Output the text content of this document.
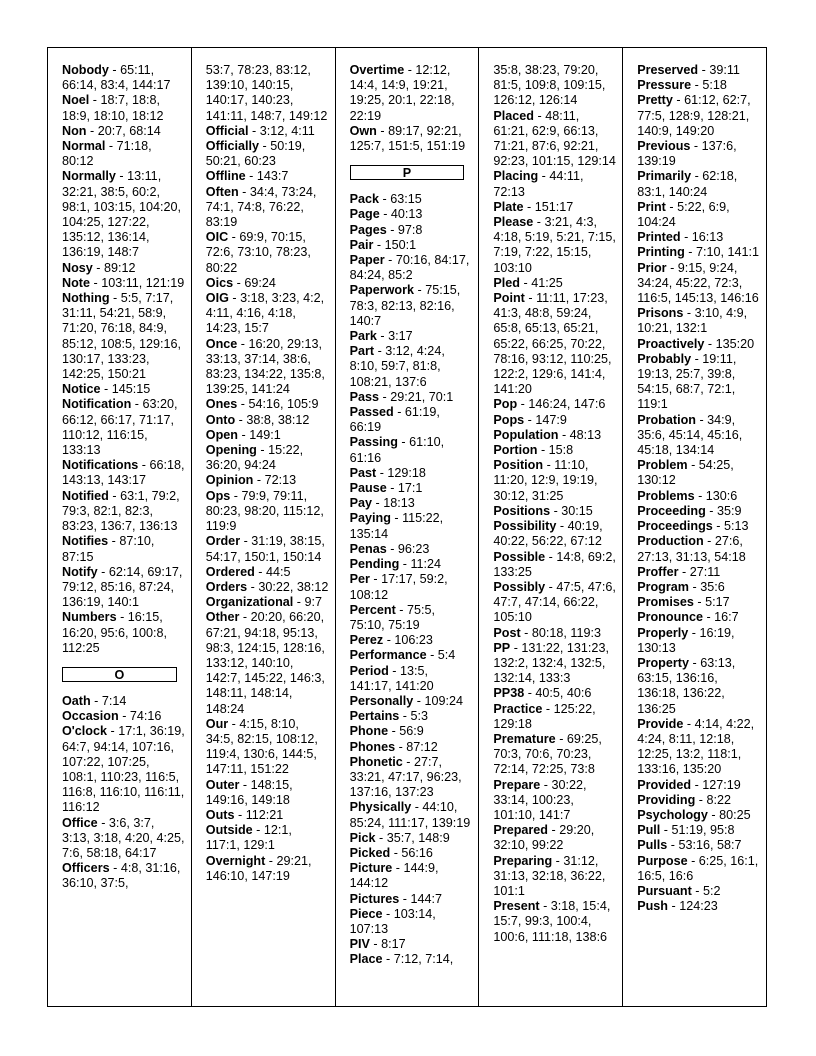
Nobody - 65:11, 66:14, 83:4, 144:17
Noel - 18:7, 18:8, 18:9, 18:10, 18:12
Non - 20:7, 68:14
Normal - 71:18, 80:12
Normally - 13:11, 32:21, 38:5, 60:2, 98:1, 103:15, 104:20, 104:25, 127:22, 135:12, 136:14, 136:19, 148:7
Nosy - 89:12
Note - 103:11, 121:19
Nothing - 5:5, 7:17, 31:11, 54:21, 58:9, 71:20, 76:18, 84:9, 85:12, 108:5, 129:16, 130:17, 133:23, 142:25, 150:21
Notice - 145:15
Notification - 63:20, 66:12, 66:17, 71:17, 110:12, 116:15, 133:13
Notifications - 66:18, 143:13, 143:17
Notified - 63:1, 79:2, 79:3, 82:1, 82:3, 83:23, 136:7, 136:13
Notifies - 87:10, 87:15
Notify - 62:14, 69:17, 79:12, 85:16, 87:24, 136:19, 140:1
Numbers - 16:15, 16:20, 95:6, 100:8, 112:25
O
Oath - 7:14
Occasion - 74:16
O'clock - 17:1, 36:19, 64:7, 94:14, 107:16, 107:22, 107:25, 108:1, 110:23, 116:5, 116:8, 116:10, 116:11, 116:12
Office - 3:6, 3:7, 3:13, 3:18, 4:20, 4:25, 7:6, 58:18, 64:17
Officers - 4:8, 31:16, 36:10, 37:5,
53:7, 78:23, 83:12, 139:10, 140:15, 140:17, 140:23, 141:11, 148:7, 149:12
Official - 3:12, 4:11
Officially - 50:19, 50:21, 60:23
Offline - 143:7
Often - 34:4, 73:24, 74:1, 74:8, 76:22, 83:19
OIC - 69:9, 70:15, 72:6, 73:10, 78:23, 80:22
Oics - 69:24
OIG - 3:18, 3:23, 4:2, 4:11, 4:16, 4:18, 14:23, 15:7
Once - 16:20, 29:13, 33:13, 37:14, 38:6, 83:23, 134:22, 135:8, 139:25, 141:24
Ones - 54:16, 105:9
Onto - 38:8, 38:12
Open - 149:1
Opening - 15:22, 36:20, 94:24
Opinion - 72:13
Ops - 79:9, 79:11, 80:23, 98:20, 115:12, 119:9
Order - 31:19, 38:15, 54:17, 150:1, 150:14
Ordered - 44:5
Orders - 30:22, 38:12
Organizational - 9:7
Other - 20:20, 66:20, 67:21, 94:18, 95:13, 98:3, 124:15, 128:16, 133:12, 140:10, 142:7, 145:22, 146:3, 148:11, 148:14, 148:24
Our - 4:15, 8:10, 34:5, 82:15, 108:12, 119:4, 130:6, 144:5, 147:11, 151:22
Outer - 148:15, 149:16, 149:18
Outs - 112:21
Outside - 12:1, 117:1, 129:1
Overnight - 29:21, 146:10, 147:19
Overtime - 12:12, 14:4, 14:9, 19:21, 19:25, 20:1, 22:18, 22:19
Own - 89:17, 92:21, 125:7, 151:5, 151:19
P
Pack - 63:15
Page - 40:13
Pages - 97:8
Pair - 150:1
Paper - 70:16, 84:17, 84:24, 85:2
Paperwork - 75:15, 78:3, 82:13, 82:16, 140:7
Park - 3:17
Part - 3:12, 4:24, 8:10, 59:7, 81:8, 108:21, 137:6
Pass - 29:21, 70:1
Passed - 61:19, 66:19
Passing - 61:10, 61:16
Past - 129:18
Pause - 17:1
Pay - 18:13
Paying - 115:22, 135:14
Penas - 96:23
Pending - 11:24
Per - 17:17, 59:2, 108:12
Percent - 75:5, 75:10, 75:19
Perez - 106:23
Performance - 5:4
Period - 13:5, 141:17, 141:20
Personally - 109:24
Pertains - 5:3
Phone - 56:9
Phones - 87:12
Phonetic - 27:7, 33:21, 47:17, 96:23, 137:16, 137:23
Physically - 44:10, 85:24, 111:17, 139:19
Pick - 35:7, 148:9
Picked - 56:16
Picture - 144:9, 144:12
Pictures - 144:7
Piece - 103:14, 107:13
PIV - 8:17
Place - 7:12, 7:14,
35:8, 38:23, 79:20, 81:5, 109:8, 109:15, 126:12, 126:14
Placed - 48:11, 61:21, 62:9, 66:13, 71:21, 87:6, 92:21, 92:23, 101:15, 129:14
Placing - 44:11, 72:13
Plate - 151:17
Please - 3:21, 4:3, 4:18, 5:19, 5:21, 7:15, 7:19, 7:22, 15:15, 103:10
Pled - 41:25
Point - 11:11, 17:23, 41:3, 48:8, 59:24, 65:8, 65:13, 65:21, 65:22, 66:25, 70:22, 78:16, 93:12, 110:25, 122:2, 129:6, 141:4, 141:20
Pop - 146:24, 147:6
Pops - 147:9
Population - 48:13
Portion - 15:8
Position - 11:10, 11:20, 12:9, 19:19, 30:12, 31:25
Positions - 30:15
Possibility - 40:19, 40:22, 56:22, 67:12
Possible - 14:8, 69:2, 133:25
Possibly - 47:5, 47:6, 47:7, 47:14, 66:22, 105:10
Post - 80:18, 119:3
PP - 131:22, 131:23, 132:2, 132:4, 132:5, 132:14, 133:3
PP38 - 40:5, 40:6
Practice - 125:22, 129:18
Premature - 69:25, 70:3, 70:6, 70:23, 72:14, 72:25, 73:8
Prepare - 30:22, 33:14, 100:23, 101:10, 141:7
Prepared - 29:20, 32:10, 99:22
Preparing - 31:12, 31:13, 32:18, 36:22, 101:1
Present - 3:18, 15:4, 15:7, 99:3, 100:4, 100:6, 111:18, 138:6
Preserved - 39:11
Pressure - 5:18
Pretty - 61:12, 62:7, 77:5, 128:9, 128:21, 140:9, 149:20
Previous - 137:6, 139:19
Primarily - 62:18, 83:1, 140:24
Print - 5:22, 6:9, 104:24
Printed - 16:13
Printing - 7:10, 141:1
Prior - 9:15, 9:24, 34:24, 45:22, 72:3, 116:5, 145:13, 146:16
Prisons - 3:10, 4:9, 10:21, 132:1
Proactively - 135:20
Probably - 19:11, 19:13, 25:7, 39:8, 54:15, 68:7, 72:1, 119:1
Probation - 34:9, 35:6, 45:14, 45:16, 45:18, 134:14
Problem - 54:25, 130:12
Problems - 130:6
Proceeding - 35:9
Proceedings - 5:13
Production - 27:6, 27:13, 31:13, 54:18
Proffer - 27:11
Program - 35:6
Promises - 5:17
Pronounce - 16:7
Properly - 16:19, 130:13
Property - 63:13, 63:15, 136:16, 136:18, 136:22, 136:25
Provide - 4:14, 4:22, 4:24, 8:11, 12:18, 12:25, 13:2, 118:1, 133:16, 135:20
Provided - 127:19
Providing - 8:22
Psychology - 80:25
Pull - 51:19, 95:8
Pulls - 53:16, 58:7
Purpose - 6:25, 16:1, 16:5, 16:6
Pursuant - 5:2
Push - 124:23
